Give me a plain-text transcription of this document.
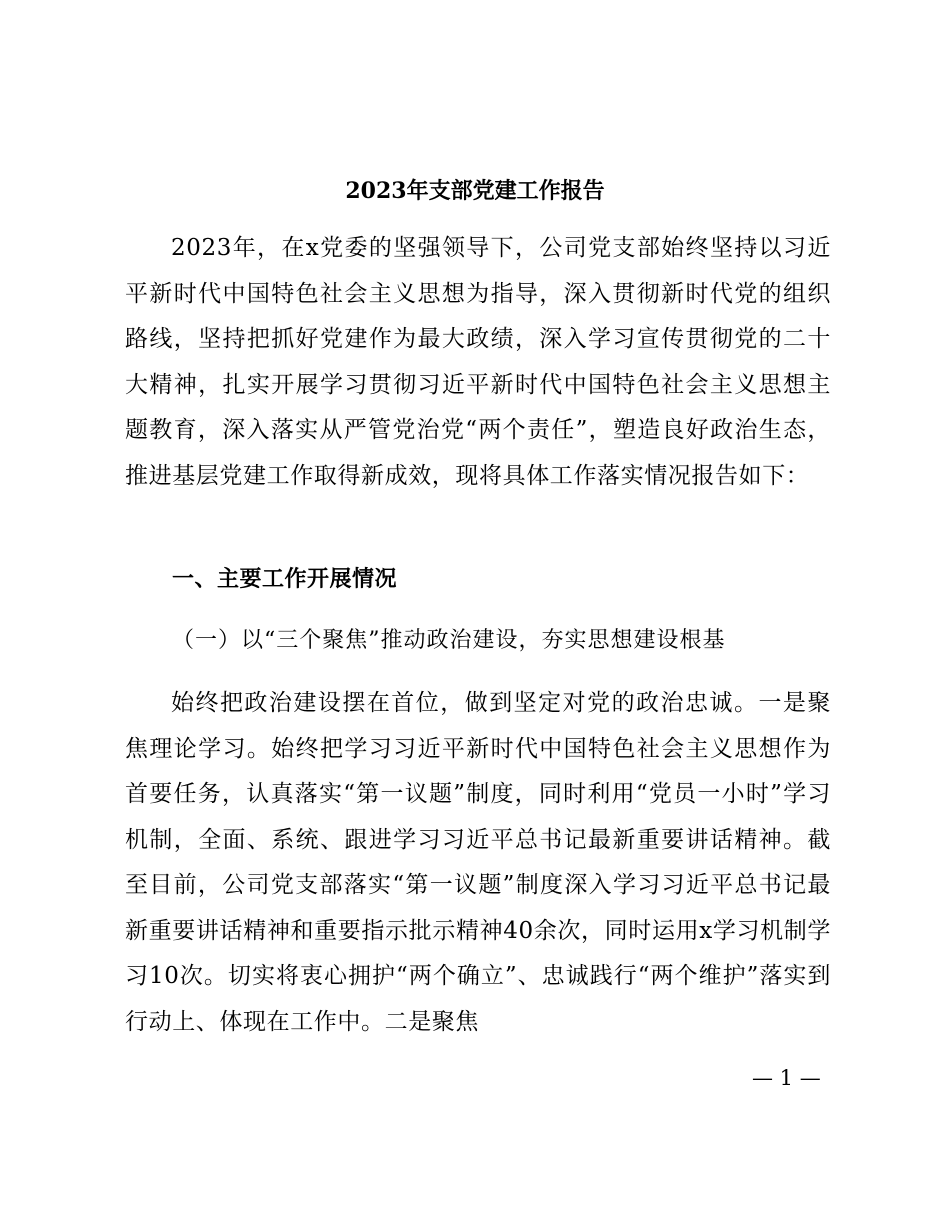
2023年支部党建工作报告
2023年，在x党委的坚强领导下，公司党支部始终坚持以习近平新时代中国特色社会主义思想为指导，深入贯彻新时代党的组织路线，坚持把抓好党建作为最大政绩，深入学习宣传贯彻党的二十大精神，扎实开展学习贯彻习近平新时代中国特色社会主义思想主题教育，深入落实从严管党治党“两个责任”，塑造良好政治生态，推进基层党建工作取得新成效，现将具体工作落实情况报告如下：
一、主要工作开展情况
（一）以“三个聚焦”推动政治建设，夯实思想建设根基
始终把政治建设摆在首位，做到坚定对党的政治忠诚。一是聚焦理论学习。始终把学习习近平新时代中国特色社会主义思想作为首要任务，认真落实“第一议题”制度，同时利用“党员一小时”学习机制，全面、系统、跟进学习习近平总书记最新重要讲话精神。截至目前，公司党支部落实“第一议题”制度深入学习习近平总书记最新重要讲话精神和重要指示批示精神40余次，同时运用x学习机制学习10次。切实将衷心拥护“两个确立”、忠诚践行“两个维护”落实到行动上、体现在工作中。二是聚焦
— 1 —
